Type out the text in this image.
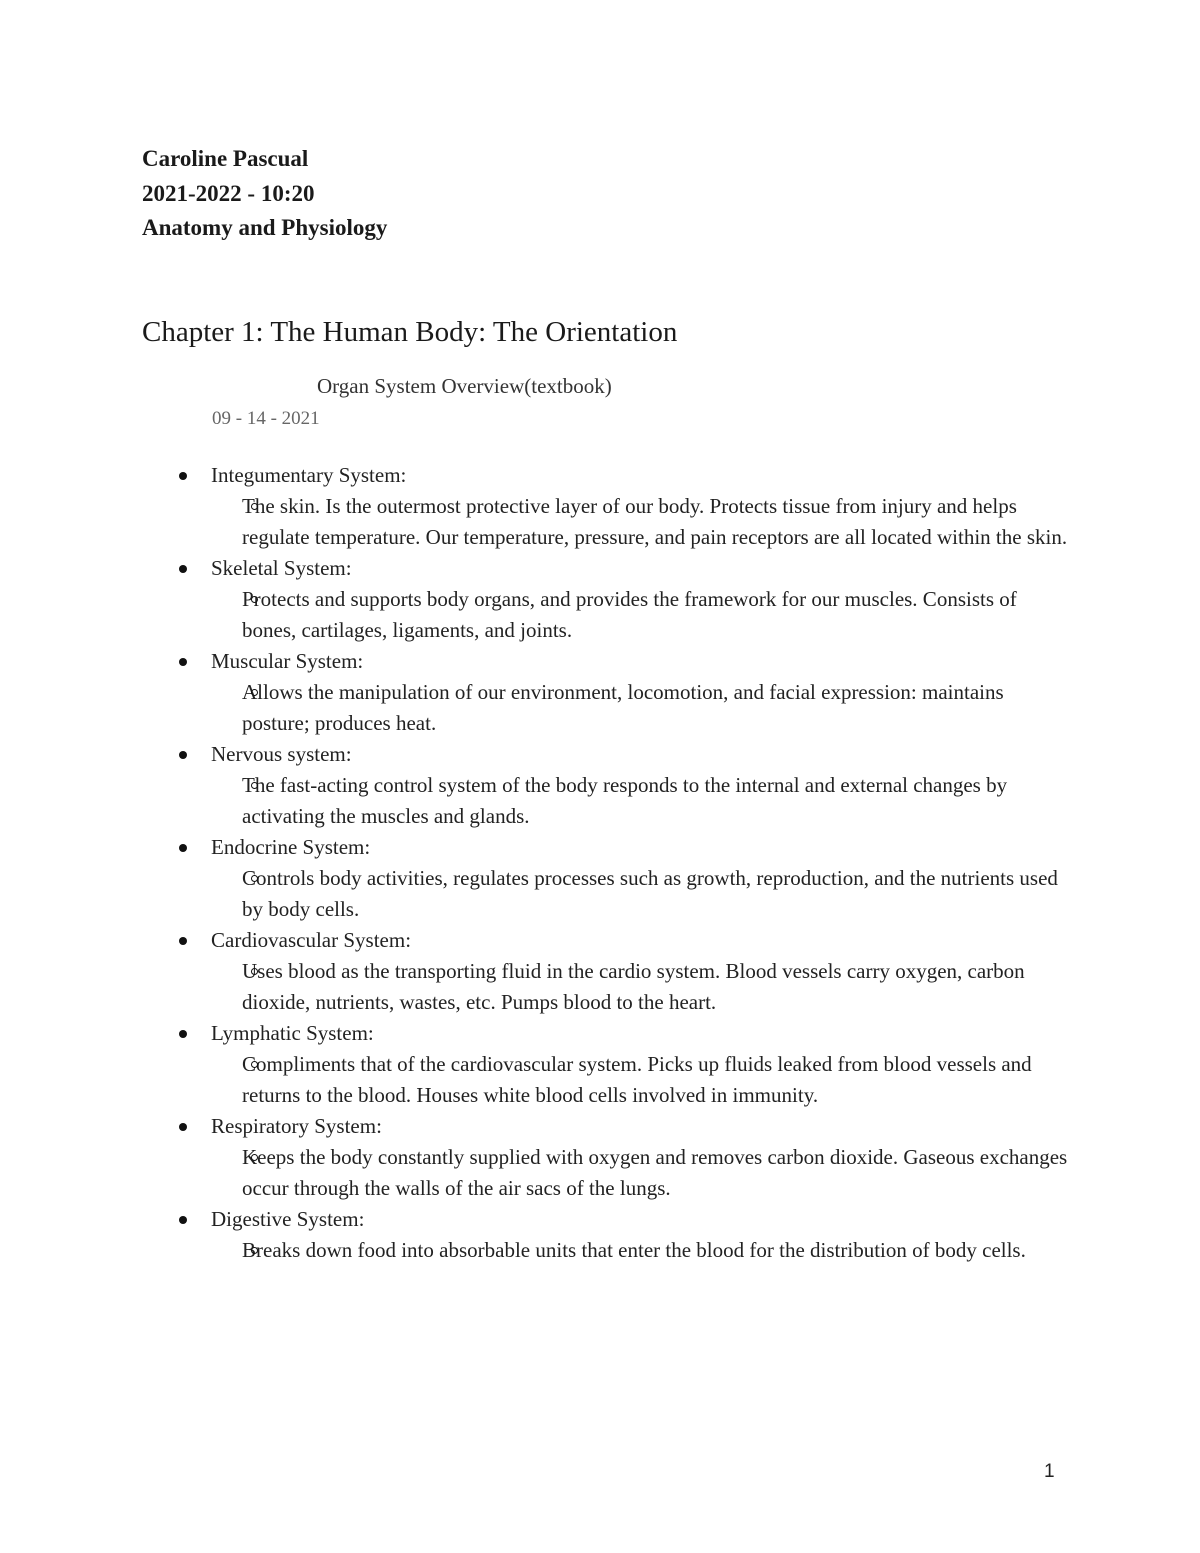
Caroline Pascual
2021-2022 - 10:20
Anatomy and Physiology
Chapter 1: The Human Body: The Orientation
Organ System Overview(textbook)
09 - 14 - 2021
Integumentary System:
The skin. Is the outermost protective layer of our body. Protects tissue from injury and helps regulate temperature. Our temperature, pressure, and pain receptors are all located within the skin.
Skeletal System:
Protects and supports body organs, and provides the framework for our muscles. Consists of bones, cartilages, ligaments, and joints.
Muscular System:
Allows the manipulation of our environment, locomotion, and facial expression: maintains posture; produces heat.
Nervous system:
The fast-acting control system of the body responds to the internal and external changes by activating the muscles and glands.
Endocrine System:
Controls body activities, regulates processes such as growth, reproduction, and the nutrients used by body cells.
Cardiovascular System:
Uses blood as the transporting fluid in the cardio system. Blood vessels carry oxygen, carbon dioxide, nutrients, wastes, etc. Pumps blood to the heart.
Lymphatic System:
Compliments that of the cardiovascular system. Picks up fluids leaked from blood vessels and returns to the blood. Houses white blood cells involved in immunity.
Respiratory System:
Keeps the body constantly supplied with oxygen and removes carbon dioxide. Gaseous exchanges occur through the walls of the air sacs of the lungs.
Digestive System:
Breaks down food into absorbable units that enter the blood for the distribution of body cells.
1
